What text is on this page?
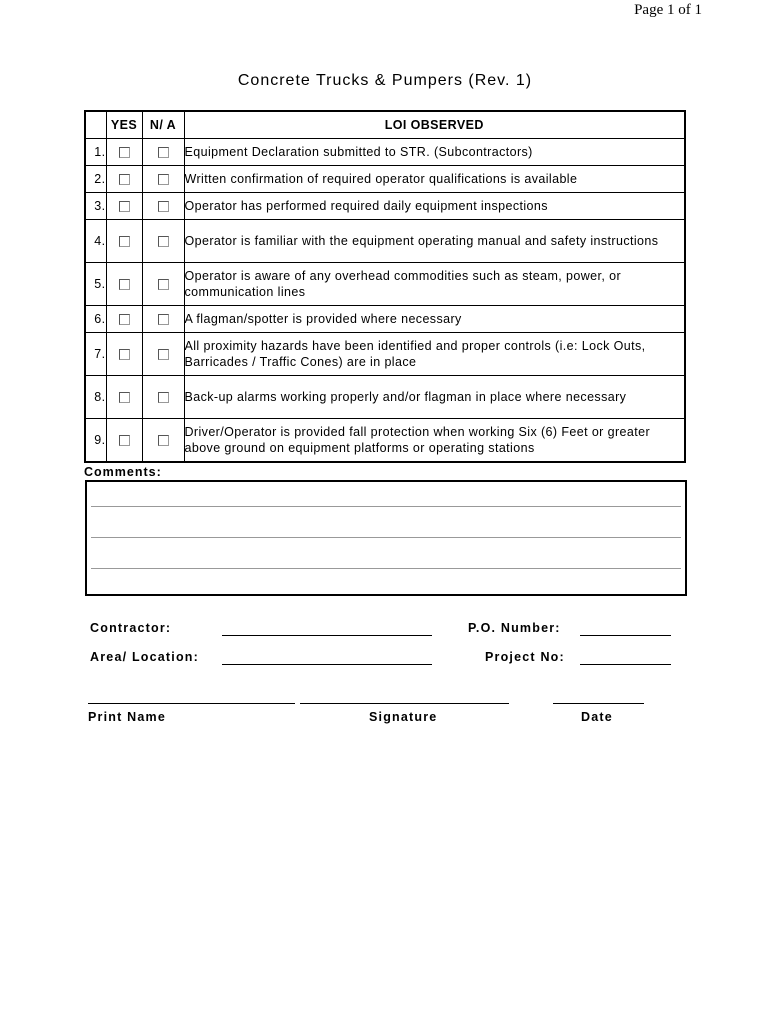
Page 1 of 1
Concrete Trucks & Pumpers (Rev. 1)
	YES	N/ A	LOI OBSERVED
1.			Equipment Declaration submitted to STR. (Subcontractors)
2.			Written confirmation of required operator qualifications is available
3.			Operator has performed required daily equipment inspections
4.			Operator is familiar with the equipment operating manual and safety instructions
5.			Operator is aware of any overhead commodities such as steam, power, or communication lines
6.			A flagman/spotter is provided where necessary
7.			All proximity hazards have been identified and proper controls (i.e: Lock Outs, Barricades / Traffic Cones) are in place
8.			Back-up alarms working properly and/or flagman in place where necessary
9.			Driver/Operator is provided fall protection when working Six (6) Feet or greater above ground on equipment platforms or operating stations
Comments:
Contractor:	P.O. Number:
Area/ Location:	Project No:
Print Name	Signature	Date
